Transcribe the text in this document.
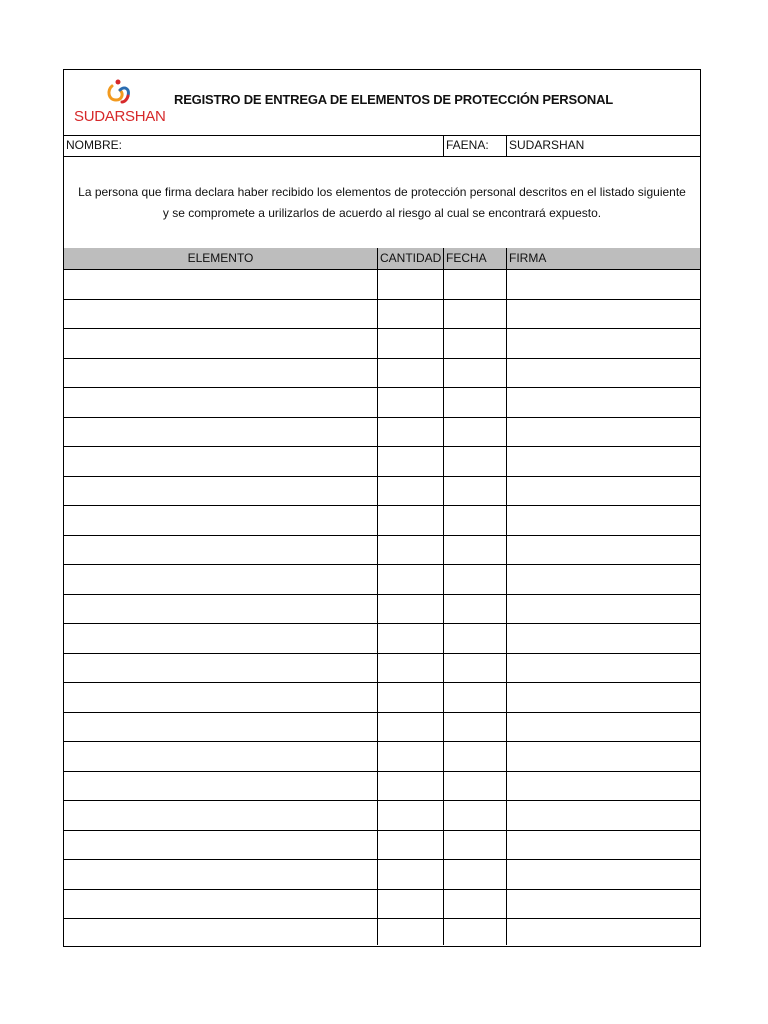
SUDARSHAN
REGISTRO DE ENTREGA DE ELEMENTOS DE PROTECCIÓN PERSONAL
NOMBRE:	FAENA: SUDARSHAN
La persona que firma declara haber recibido los elementos de protección personal descritos en el listado siguiente
y se compromete a urilizarlos de acuerdo al riesgo al cual se encontrará expuesto.
ELEMENTO	CANTIDAD FECHA FIRMA
